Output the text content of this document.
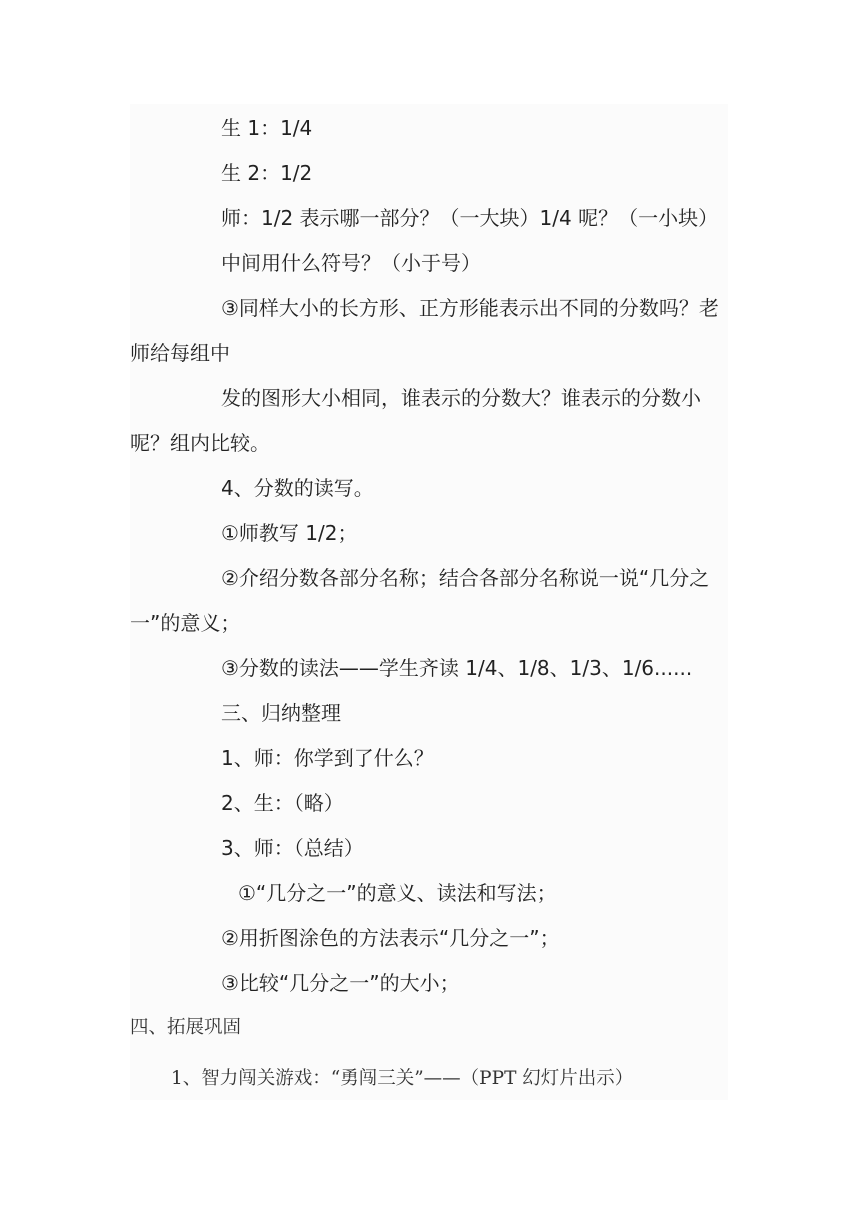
生 1：1/4
生 2：1/2
师：1/2 表示哪一部分？（一大块）1/4 呢？（一小块）
中间用什么符号？（小于号）
③同样大小的长方形、正方形能表示出不同的分数吗？老
师给每组中
发的图形大小相同，谁表示的分数大？谁表示的分数小
呢？组内比较。
4、分数的读写。
①师教写 1/2；
②介绍分数各部分名称；结合各部分名称说一说“几分之
一”的意义；
③分数的读法——学生齐读 1/4、1/8、1/3、1/6......
三、归纳整理
1、师：你学到了什么？
2、生：（略）
3、师：（总结）
①“几分之一”的意义、读法和写法；
②用折图涂色的方法表示“几分之一”；
③比较“几分之一”的大小；
四、拓展巩固
1、智力闯关游戏：“勇闯三关”——（PPT 幻灯片出示）
